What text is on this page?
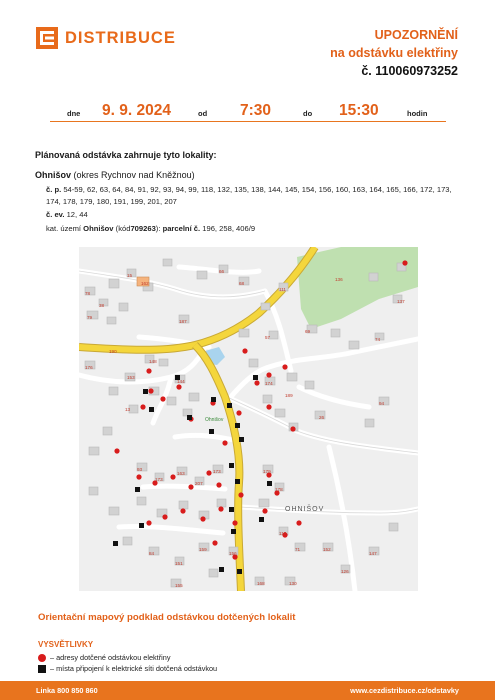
DISTRIBUCE	UPOZORNĚNÍ
na odstávku elektřiny
č. 110060973252
dne 9. 9. 2024	od 7:30	do 15:30	hodin
Plánovaná odstávka zahrnuje tyto lokality:
Ohnišov (okres Rychnov nad Kněžnou)
č. p. 54-59, 62, 63, 64, 84, 91, 92, 93, 94, 99, 118, 132, 135, 138, 144, 145, 154, 156, 160, 163, 164, 165, 166, 172, 173, 174, 178, 179, 180, 191, 199, 201, 207
č. ev. 12, 44
kat. území Ohnišov (kód709263): parcelní č. 196, 258, 406/9
78
38
79
15
162
66
68
111
136
137
74
69
57
187
190
176
153
148
144	174
189
13
26
94
93
173
163
207
173	179
178
117
71	152
147
126
156
159
151
155	130
168
84
Ohnišov
OHNIŠOV
Orientační mapový podklad odstávkou dotčených lokalit
VYSVĚTLIVKY
– adresy dotčené odstávkou elektřiny
– místa připojení k elektrické síti dotčená odstávkou
Linka 800 850 860	www.cezdistribuce.cz/odstavky
